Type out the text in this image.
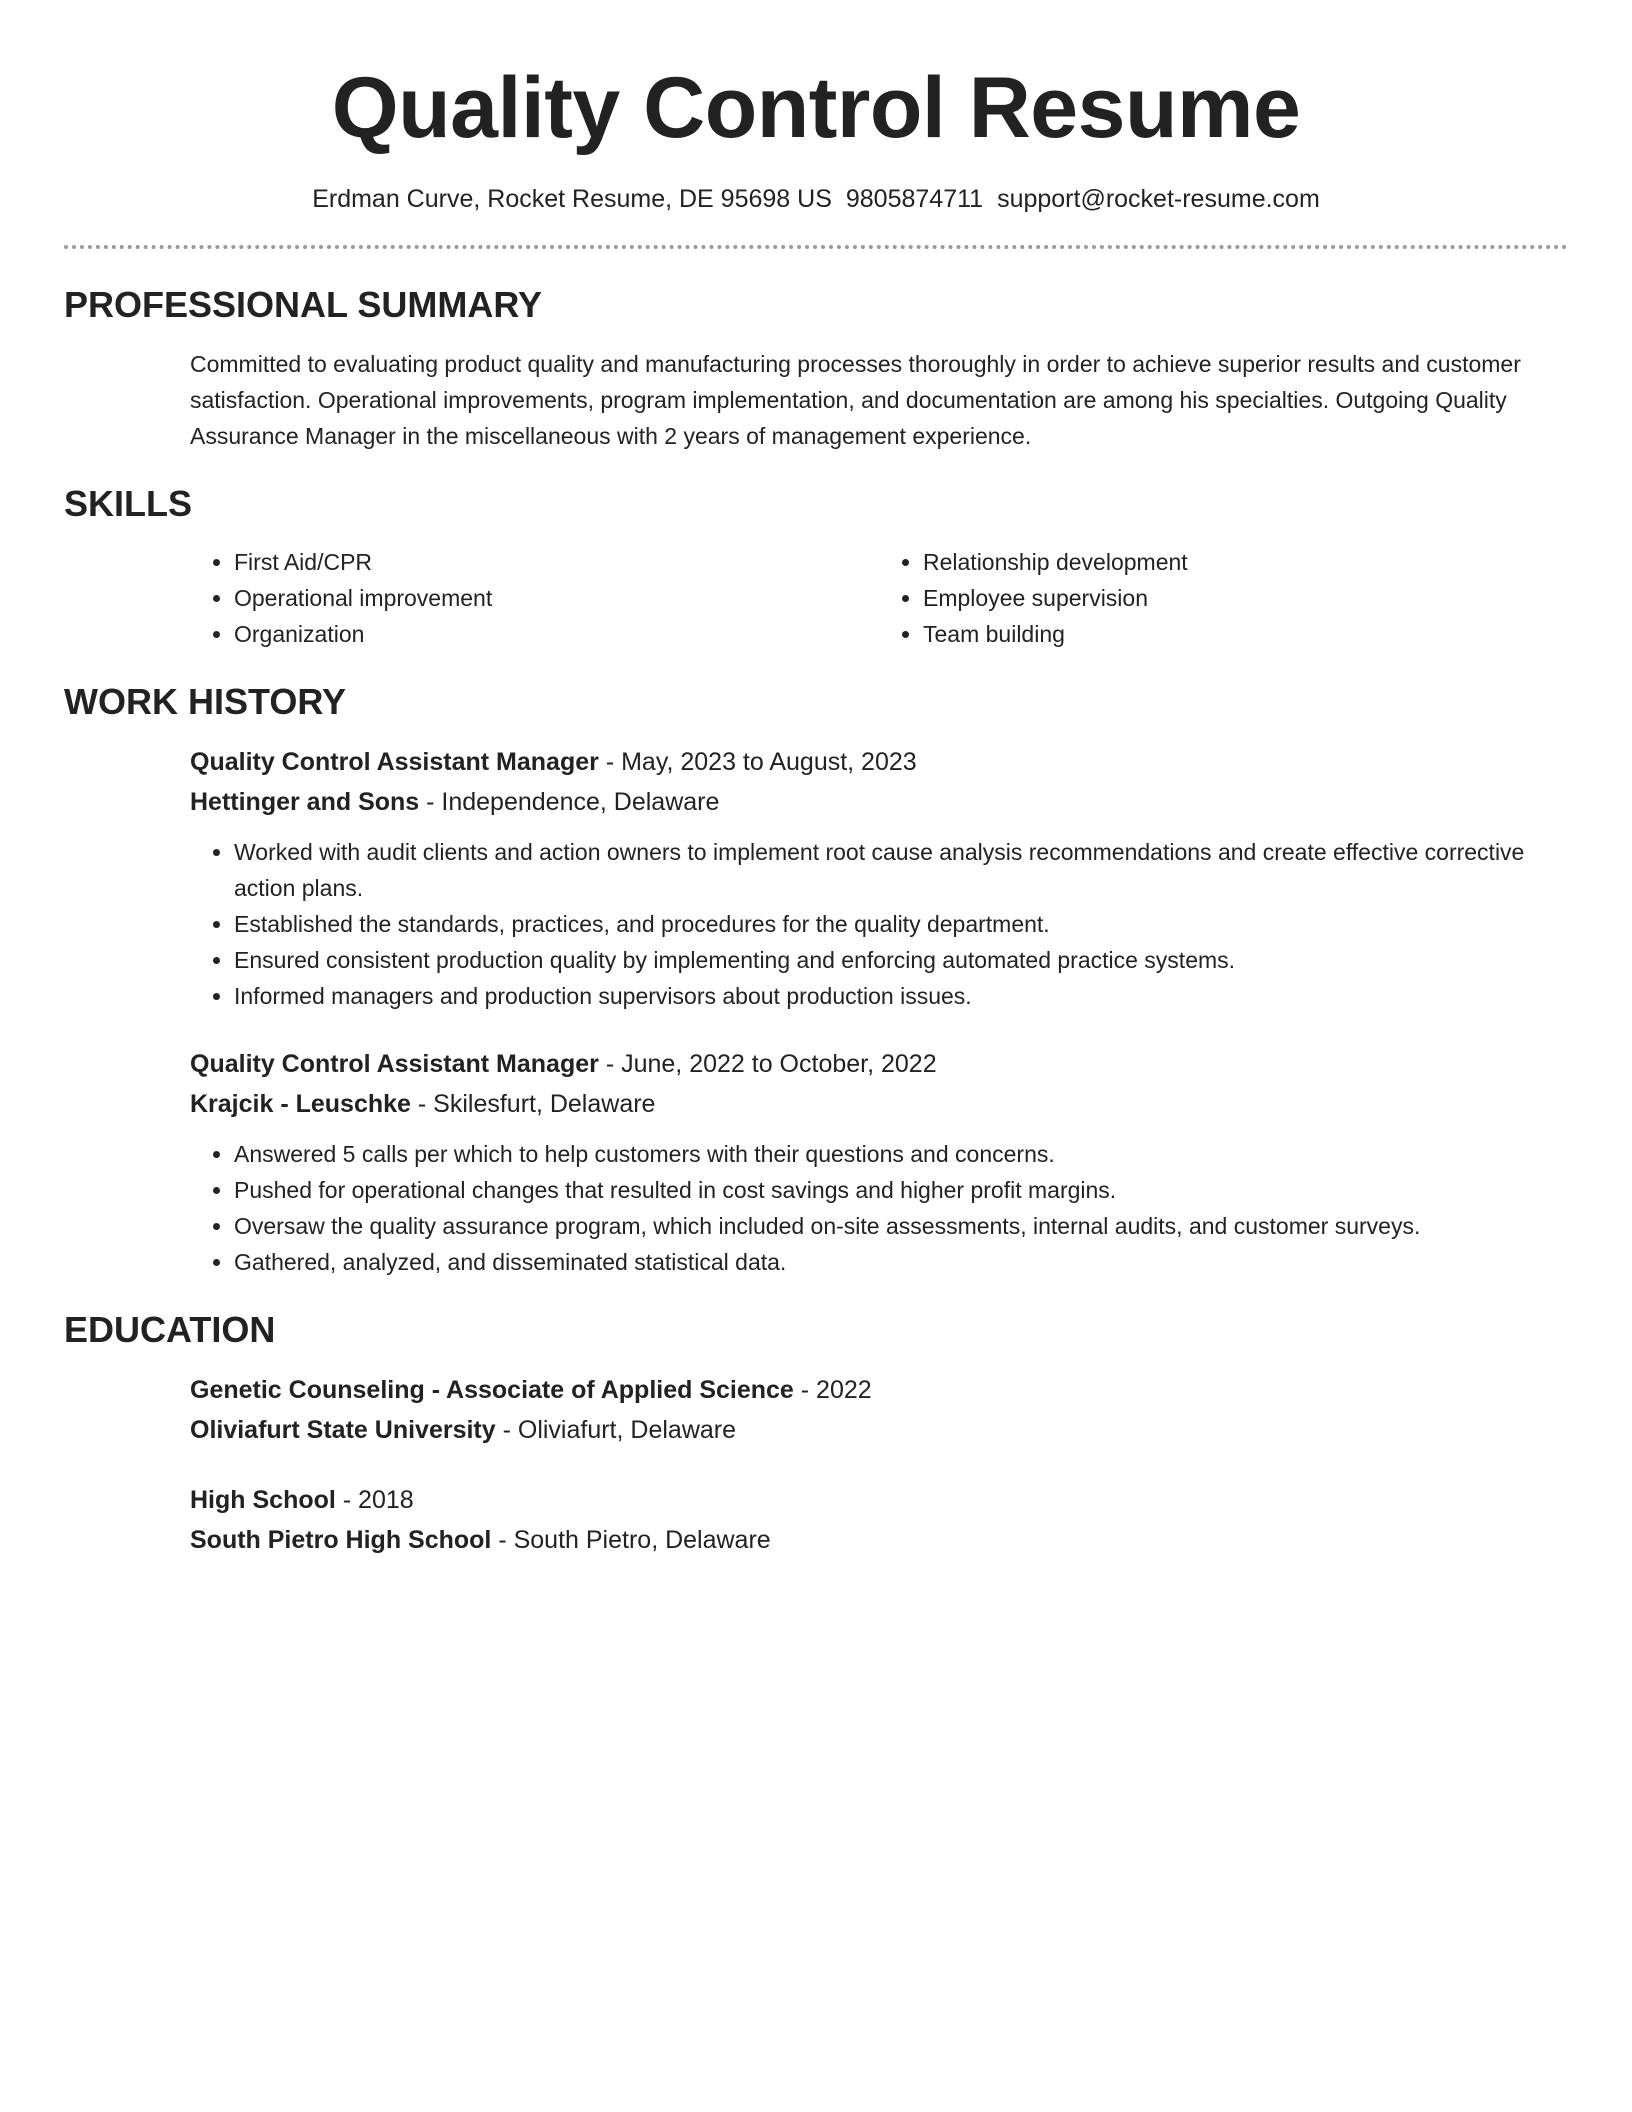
Quality Control Resume
Erdman Curve, Rocket Resume, DE 95698 US 9805874711 support@rocket-resume.com
PROFESSIONAL SUMMARY
Committed to evaluating product quality and manufacturing processes thoroughly in order to achieve superior results and customer satisfaction. Operational improvements, program implementation, and documentation are among his specialties. Outgoing Quality Assurance Manager in the miscellaneous with 2 years of management experience.
SKILLS
• First Aid/CPR
• Operational improvement
• Organization
• Relationship development
• Employee supervision
• Team building
WORK HISTORY
Quality Control Assistant Manager - May, 2023 to August, 2023
Hettinger and Sons - Independence, Delaware
• Worked with audit clients and action owners to implement root cause analysis recommendations and create effective corrective action plans.
• Established the standards, practices, and procedures for the quality department.
• Ensured consistent production quality by implementing and enforcing automated practice systems.
• Informed managers and production supervisors about production issues.
Quality Control Assistant Manager - June, 2022 to October, 2022
Krajcik - Leuschke - Skilesfurt, Delaware
• Answered 5 calls per which to help customers with their questions and concerns.
• Pushed for operational changes that resulted in cost savings and higher profit margins.
• Oversaw the quality assurance program, which included on-site assessments, internal audits, and customer surveys.
• Gathered, analyzed, and disseminated statistical data.
EDUCATION
Genetic Counseling - Associate of Applied Science - 2022
Oliviafurt State University - Oliviafurt, Delaware
High School - 2018
South Pietro High School - South Pietro, Delaware
